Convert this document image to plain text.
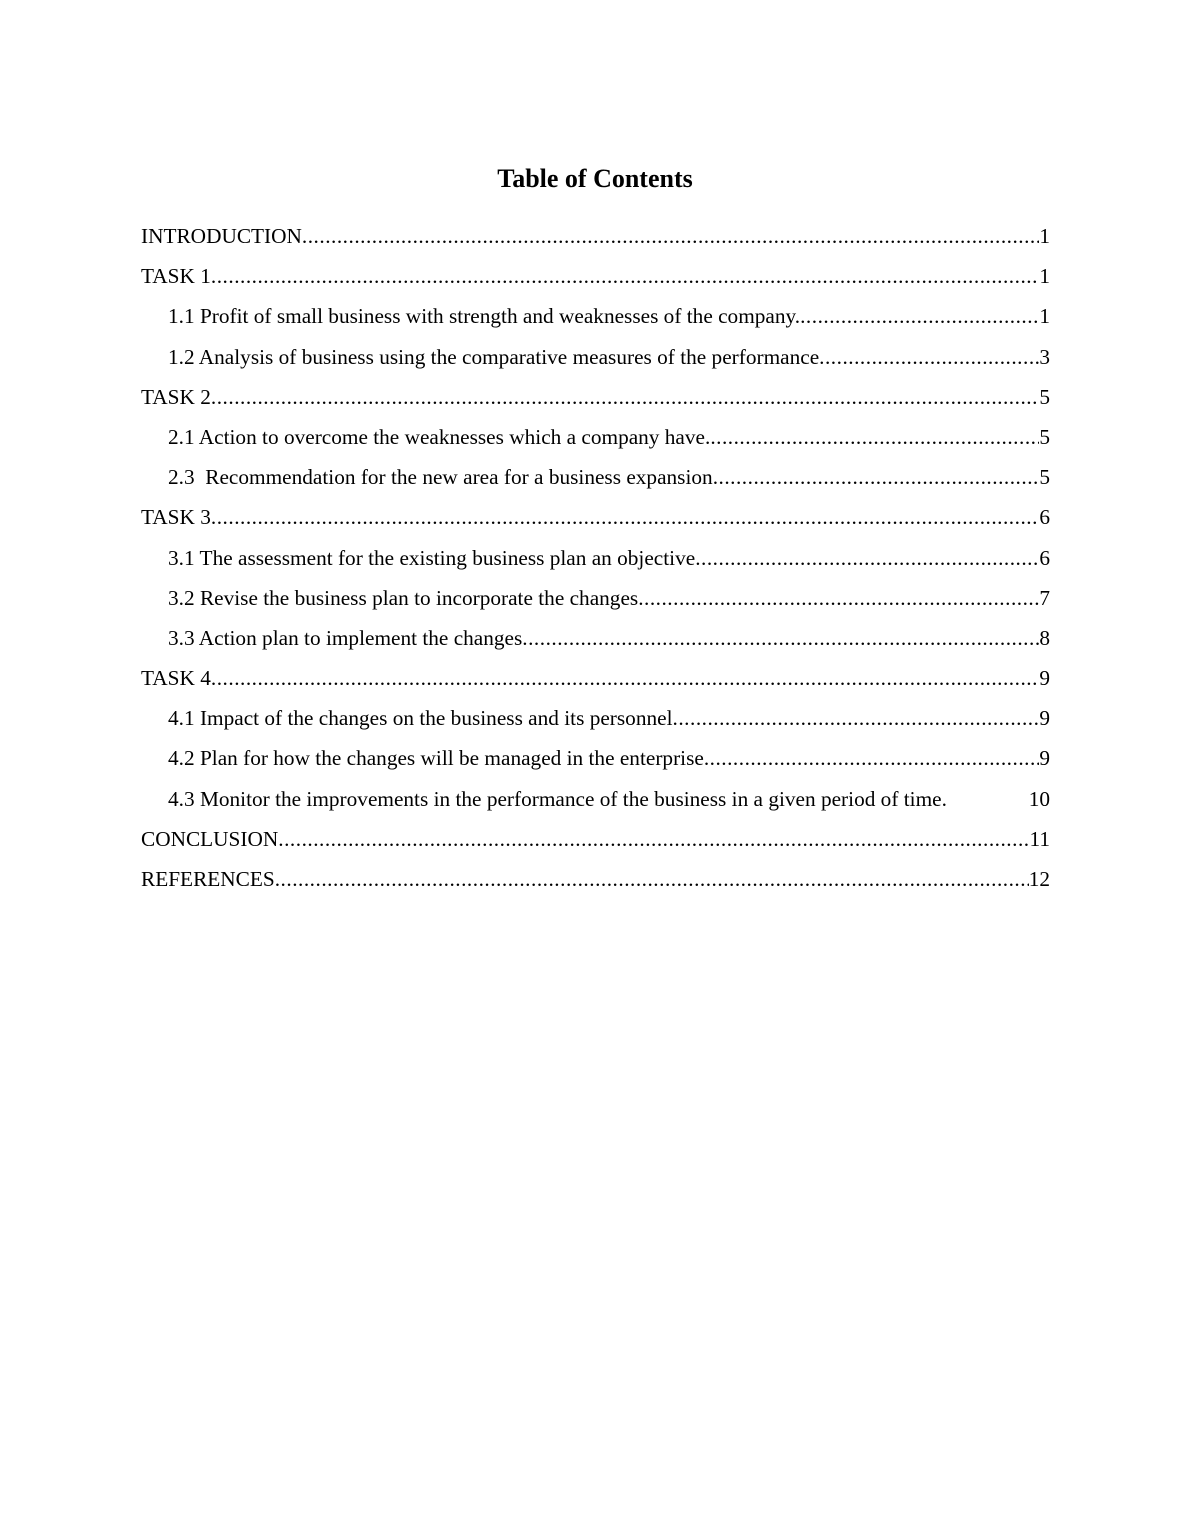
Table of Contents
INTRODUCTION .....	1
TASK 1 .....	1
1.1 Profit of small business with strength and weaknesses of the company. .....	1
1.2 Analysis of business using the comparative measures of the performance .....	3
TASK 2 .....	5
2.1 Action to overcome the weaknesses which a company have. .....	5
2.3  Recommendation for the new area for a business expansion .....	5
TASK 3 .....	6
3.1 The assessment for the existing business plan an objective .....	6
3.2 Revise the business plan to incorporate the changes .....	7
3.3 Action plan to implement the changes .....	8
TASK 4 .....	9
4.1 Impact of the changes on the business and its personnel .....	9
4.2 Plan for how the changes will be managed in the enterprise .....	9
4.3 Monitor the improvements in the performance of the business in a given period of time.	10
CONCLUSION .....	11
REFERENCES .....	12
